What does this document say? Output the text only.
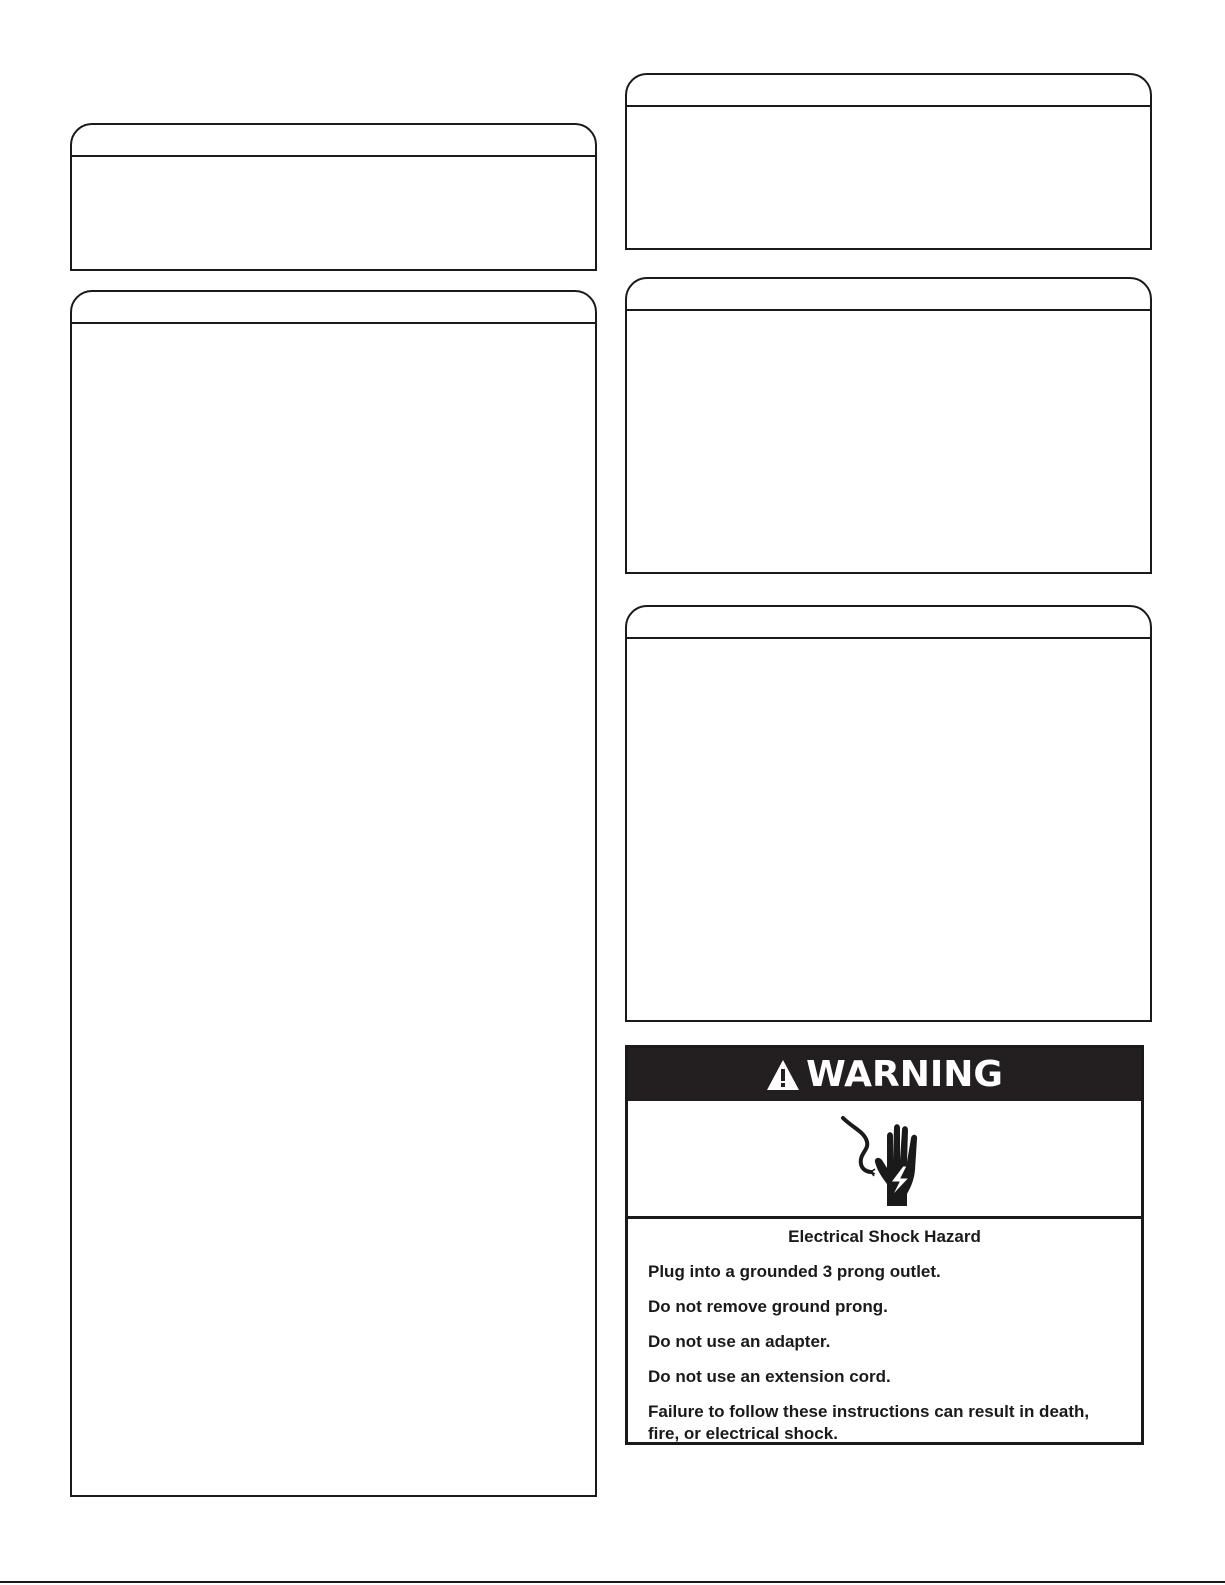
WARNING
Electrical Shock Hazard

Plug into a grounded 3 prong outlet.

Do not remove ground prong.

Do not use an adapter.

Do not use an extension cord.

Failure to follow these instructions can result in death, fire, or electrical shock.
